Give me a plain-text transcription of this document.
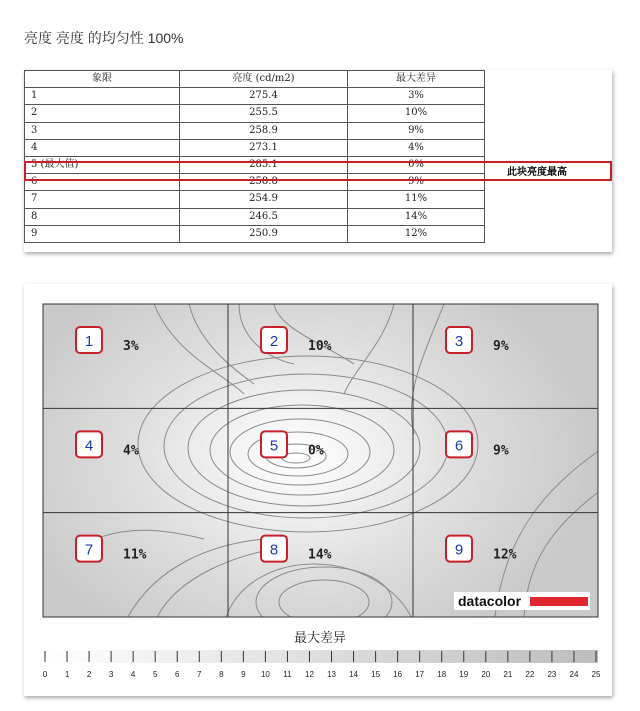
亮度 亮度 的均匀性 100%
象限	亮度 (cd/m2)	最大差异
1	275.4	3%
2	255.5	10%
3	258.9	9%
4	273.1	4%
5 (最大值)	285.1	0%
6	258.8	9%
7	254.9	11%
8	246.5	14%
9	250.9	12%
此块亮度最高
1 3%	2 10%	3 9%
4 4%	5 0%	6 9%
7 11%	8 14%	9 12%
datacolor
最大差异
0 1 2 3 4 5 6 7 8 9 10 11 12 13 14 15 16 17 18 19 20 21 22 23 24 25
